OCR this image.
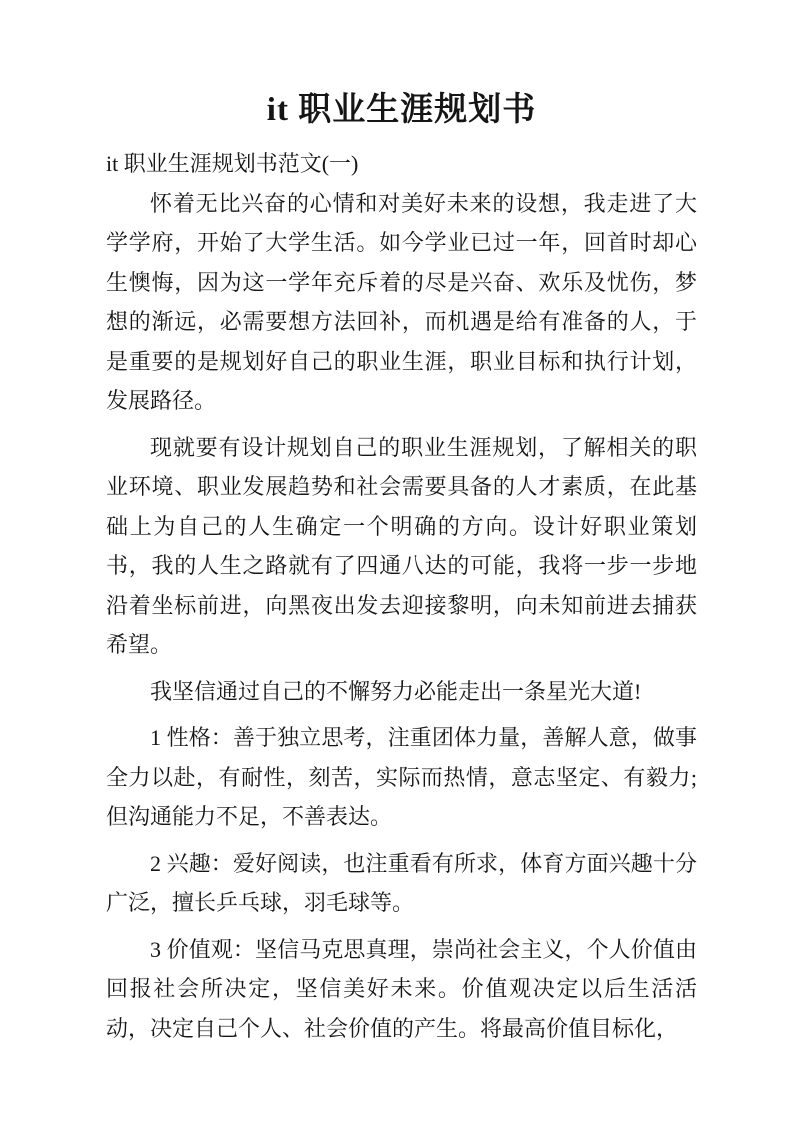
it 职业生涯规划书

it 职业生涯规划书范文(一)

怀着无比兴奋的心情和对美好未来的设想，我走进了大学学府，开始了大学生活。如今学业已过一年，回首时却心生懊悔，因为这一学年充斥着的尽是兴奋、欢乐及忧伤，梦想的渐远，必需要想方法回补，而机遇是给有准备的人，于是重要的是规划好自己的职业生涯，职业目标和执行计划，发展路径。

现就要有设计规划自己的职业生涯规划，了解相关的职业环境、职业发展趋势和社会需要具备的人才素质，在此基础上为自己的人生确定一个明确的方向。设计好职业策划书，我的人生之路就有了四通八达的可能，我将一步一步地沿着坐标前进，向黑夜出发去迎接黎明，向未知前进去捕获希望。

我坚信通过自己的不懈努力必能走出一条星光大道!

1 性格：善于独立思考，注重团体力量，善解人意，做事全力以赴，有耐性，刻苦，实际而热情，意志坚定、有毅力;但沟通能力不足，不善表达。

2 兴趣：爱好阅读，也注重看有所求，体育方面兴趣十分广泛，擅长乒乓球，羽毛球等。

3 价值观：坚信马克思真理，崇尚社会主义，个人价值由回报社会所决定，坚信美好未来。价值观决定以后生活活动，决定自己个人、社会价值的产生。将最高价值目标化，
